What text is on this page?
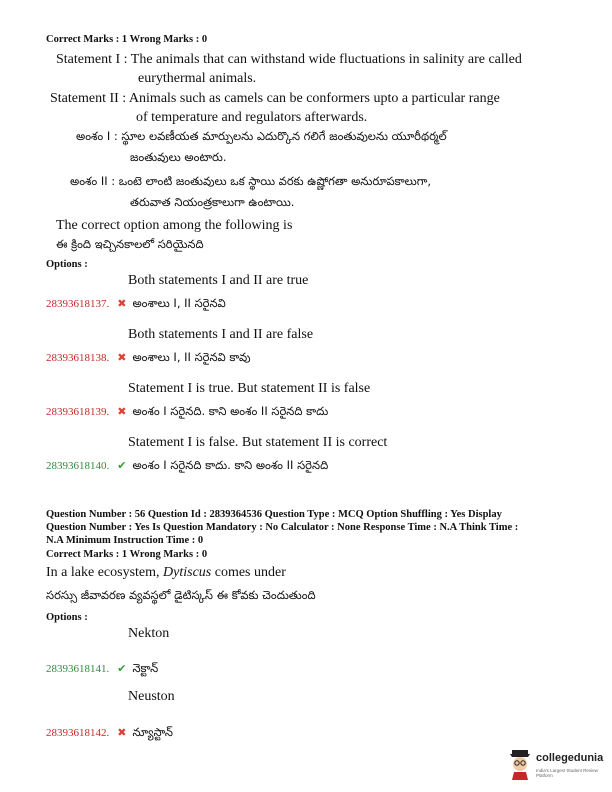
Correct Marks : 1 Wrong Marks : 0
Statement I : The animals that can withstand wide fluctuations in salinity are called
eurythermal animals.
Statement II : Animals such as camels can be conformers upto a particular range
of temperature and regulators afterwards.
అంశం I : స్థూల లవణీయత మార్పులను ఎదుర్కొన గలిగే జంతువులను యూరీథర్మల్
జంతువులు అంటారు.
అంశం II : ఒంటె లాంటి జంతువులు ఒక స్థాయి వరకు ఉష్ణోగతా అనురూపకాలుగా,
తరువాత నియంత్రకాలుగా ఉంటాయి.
The correct option among the following is
ఈ క్రింది ఇచ్చినకాలలో సరియైనది
Options :
Both statements I and II are true
28393618137. ✖ అంశాలు I, II సరైనవి
Both statements I and II are false
28393618138. ✖ అంశాలు I, II సరైనవి కావు
Statement I is true. But statement II is false
28393618139. ✖ అంశం I సరైనది. కాని అంశం II సరైనది కాదు
Statement I is false. But statement II is correct
28393618140. ✔ అంశం I సరైనది కాదు. కాని అంశం II సరైనది
Question Number : 56 Question Id : 2839364536 Question Type : MCQ Option Shuffling : Yes Display
Question Number : Yes Is Question Mandatory : No Calculator : None Response Time : N.A Think Time :
N.A Minimum Instruction Time : 0
Correct Marks : 1 Wrong Marks : 0
In a lake ecosystem, Dytiscus comes under
సరస్సు జీవావరణ వ్యవస్థలో డైటిస్కస్ ఈ కోవకు చెందుతుంది
Options :
Nekton
28393618141. ✔ నెక్టాన్
Neuston
28393618142. ✖ న్యూస్టాన్
collegedunia
India's Largest Student Review Platform
